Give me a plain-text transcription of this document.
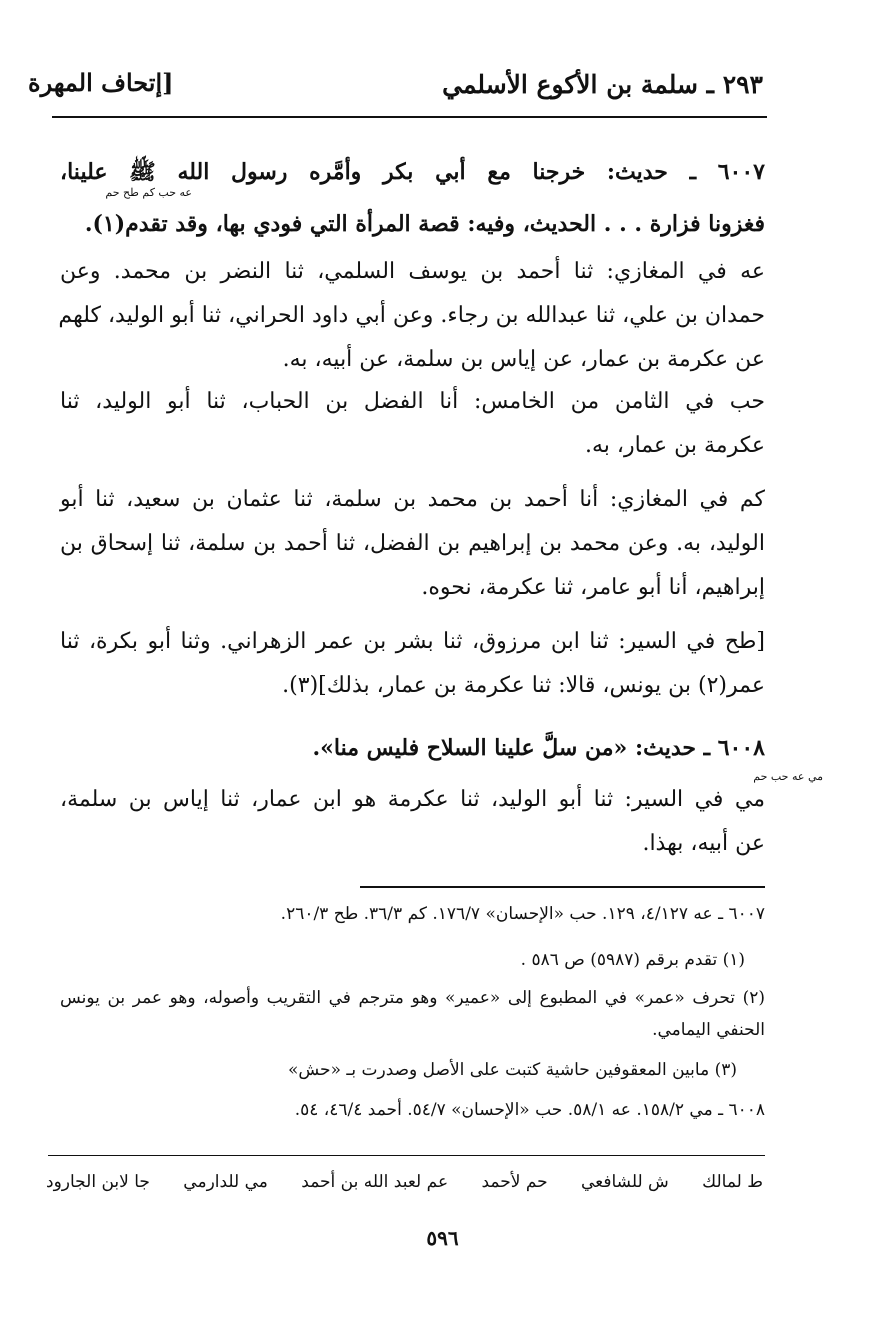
٢٩٣ ـ سلمة بن الأكوع الأسلمي
[إتحاف المهرة
٦٠٠٧ ـ حديث: خرجنا مع أبي بكر وأمَّره رسول الله ﷺ علينا،
فغزونا فزارة . . . الحديث، وفيه: قصة المرأة التي فودي بها، وقد تقدم(١).
عه حب كم طح حم
عه في المغازي: ثنا أحمد بن يوسف السلمي، ثنا النضر بن محمد. وعن
حمدان بن علي، ثنا عبدالله بن رجاء. وعن أبي داود الحراني، ثنا أبو الوليد، كلهم
عن عكرمة بن عمار، عن إياس بن سلمة، عن أبيه، به.
حب في الثامن من الخامس: أنا الفضل بن الحباب، ثنا أبو الوليد، ثنا
عكرمة بن عمار، به.
كم في المغازي: أنا أحمد بن محمد بن سلمة، ثنا عثمان بن سعيد، ثنا أبو
الوليد، به. وعن محمد بن إبراهيم بن الفضل، ثنا أحمد بن سلمة، ثنا إسحاق بن
إبراهيم، أنا أبو عامر، ثنا عكرمة، نحوه.
[طح في السير: ثنا ابن مرزوق، ثنا بشر بن عمر الزهراني. وثنا أبو بكرة، ثنا
عمر(٢) بن يونس، قالا: ثنا عكرمة بن عمار، بذلك](٣).
٦٠٠٨ ـ حديث: «من سلَّ علينا السلاح فليس منا».
مي في السير: ثنا أبو الوليد، ثنا عكرمة هو ابن عمار، ثنا إياس بن سلمة،
عن أبيه، بهذا.
مي عه حب حم
٦٠٠٧ ـ عه ٤/١٢٧، ١٢٩. حب «الإحسان» ١٧٦/٧. كم ٣٦/٣. طح ٢٦٠/٣.
(١) تقدم برقم (٥٩٨٧) ص ٥٨٦ .
(٢) تحرف «عمر» في المطبوع إلى «عمير» وهو مترجم في التقريب وأصوله، وهو عمر بن يونس
الحنفي اليمامي.
(٣) مابين المعقوفين حاشية كتبت على الأصل وصدرت بـ «حش»
٦٠٠٨ ـ مي ١٥٨/٢. عه ٥٨/١. حب «الإحسان» ٥٤/٧. أحمد ٤٦/٤، ٥٤.
ط لمالك
ش للشافعي
حم لأحمد
عم لعبد الله بن أحمد
مي للدارمي
جا لابن الجارود
٥٩٦
